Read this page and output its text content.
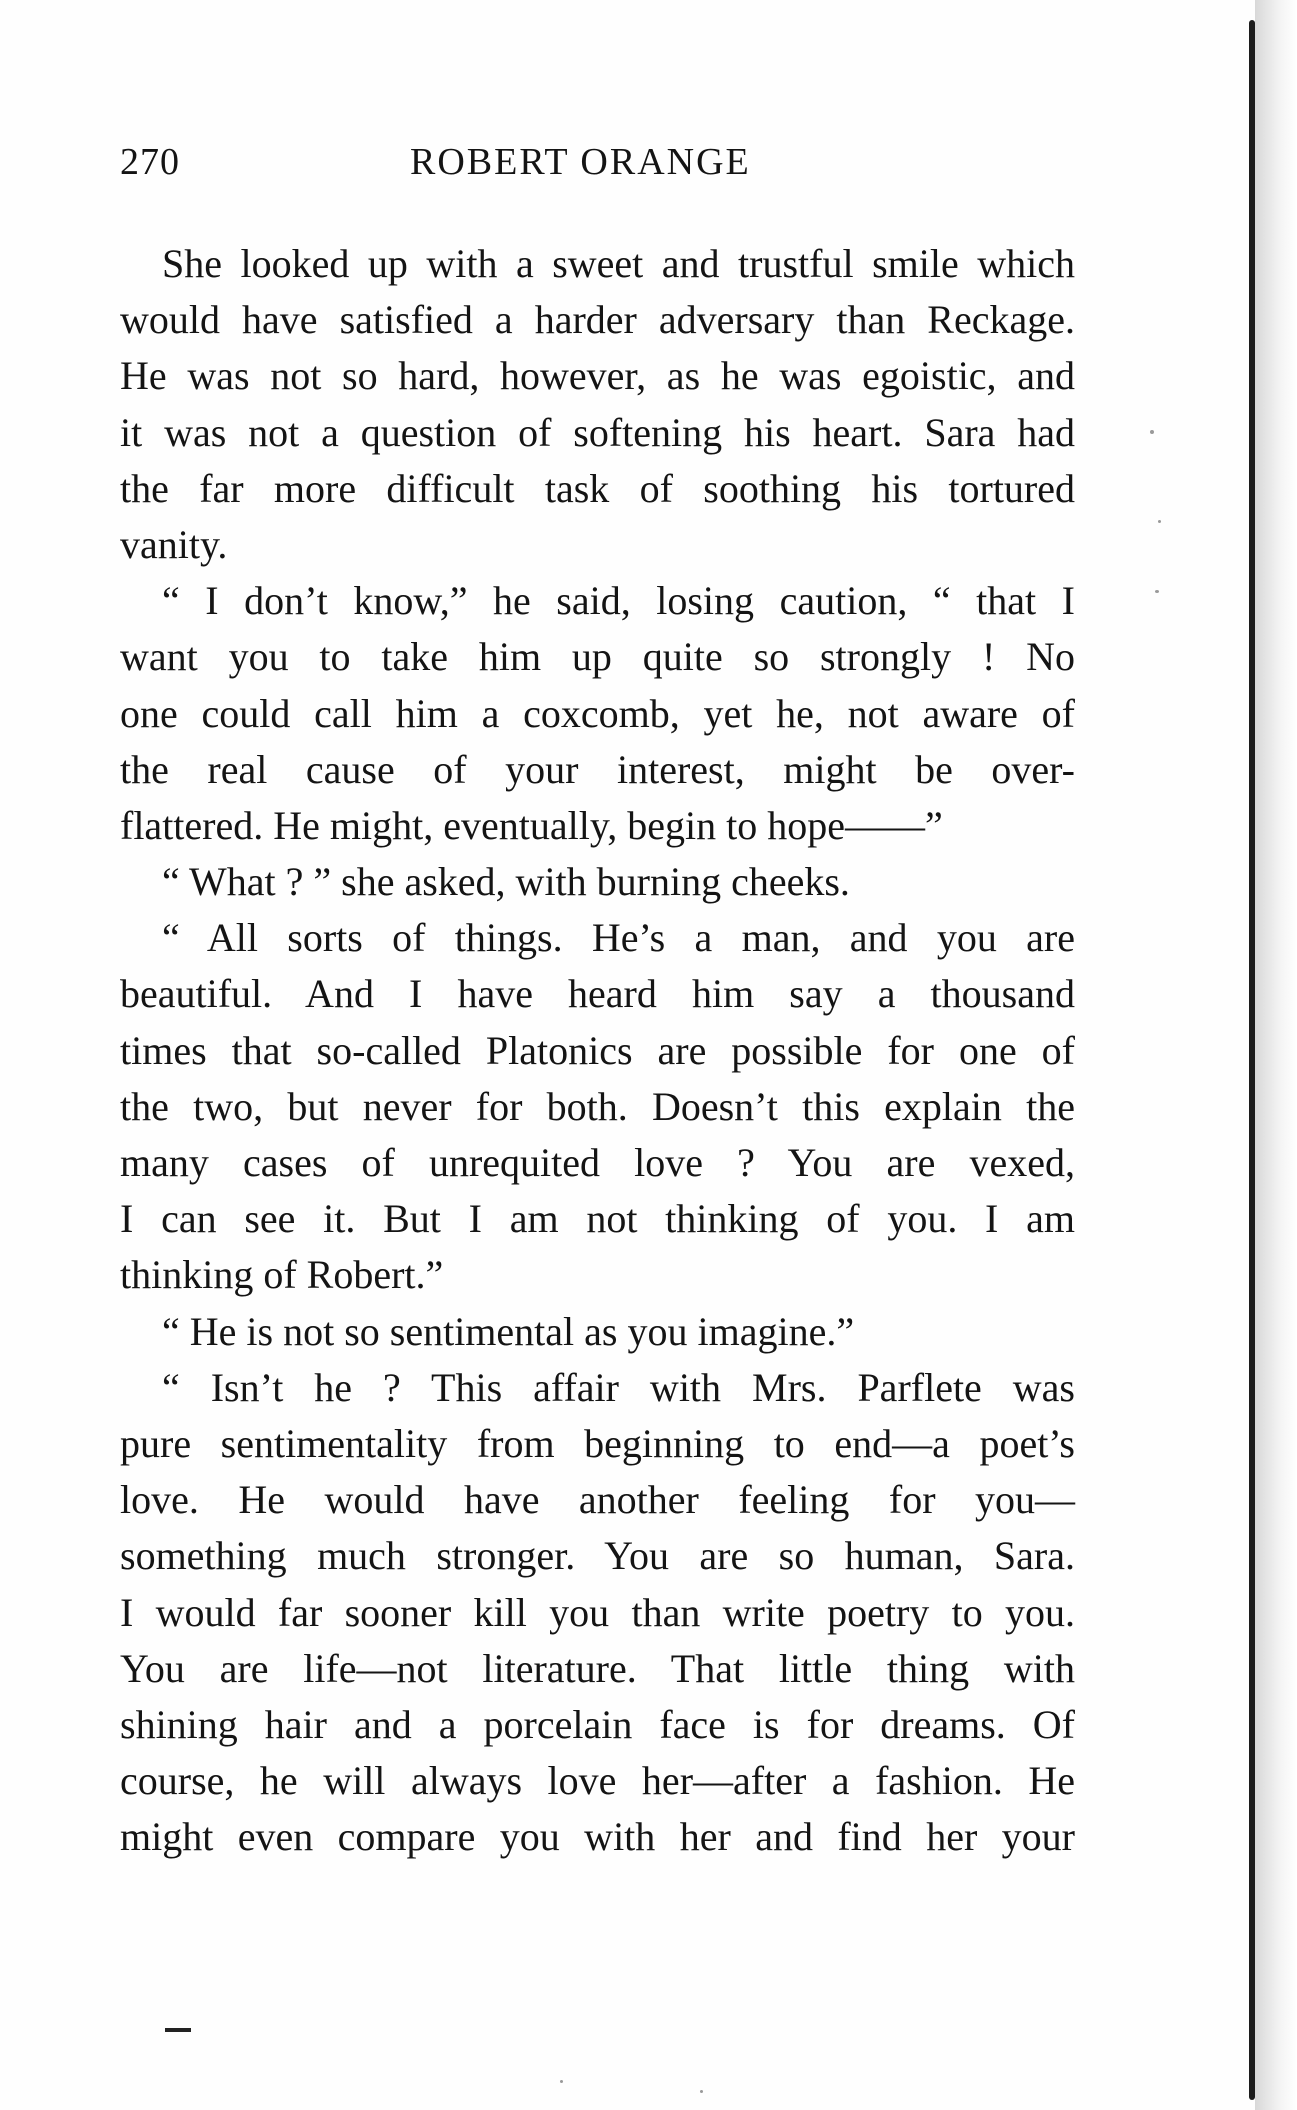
270	ROBERT ORANGE
She looked up with a sweet and trustful smile which
would have satisfied a harder adversary than Reckage.
He was not so hard, however, as he was egoistic, and
it was not a question of softening his heart. Sara had
the far more difficult task of soothing his tortured
vanity.
“ I don’t know,” he said, losing caution, “ that I
want you to take him up quite so strongly ! No
one could call him a coxcomb, yet he, not aware of
the real cause of your interest, might be over-
flattered. He might, eventually, begin to hope——”
“ What ? ” she asked, with burning cheeks.
“ All sorts of things. He’s a man, and you are
beautiful. And I have heard him say a thousand
times that so-called Platonics are possible for one of
the two, but never for both. Doesn’t this explain the
many cases of unrequited love ? You are vexed,
I can see it. But I am not thinking of you. I am
thinking of Robert.”
“ He is not so sentimental as you imagine.”
“ Isn’t he ? This affair with Mrs. Parflete was
pure sentimentality from beginning to end—a poet’s
love. He would have another feeling for you—
something much stronger. You are so human, Sara.
I would far sooner kill you than write poetry to you.
You are life—not literature. That little thing with
shining hair and a porcelain face is for dreams. Of
course, he will always love her—after a fashion. He
might even compare you with her and find her your
